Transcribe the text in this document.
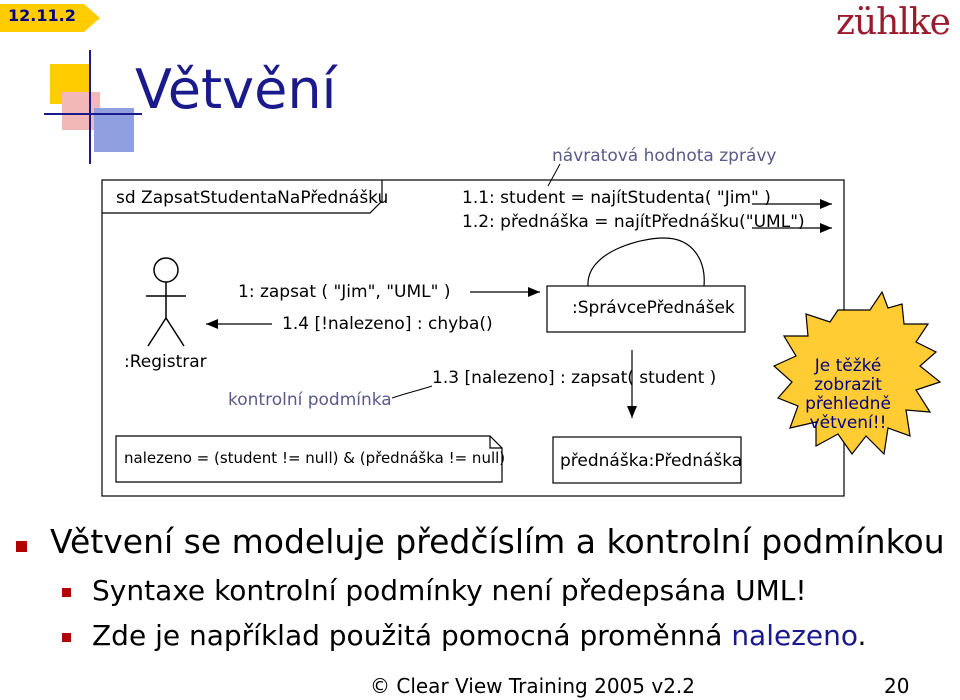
12.11.2	zühlke
Větvění
návratová hodnota zprávy
sd ZapsatStudentaNaPřednášku	1.1: student = najítStudenta( "Jim" )
1.2: přednáška = najítPřednášku("UML")
1: zapsat ( "Jim", "UML" )
1.4 [!nalezeno] : chyba()
:Registrar
1.3 [nalezeno] : zapsat( student )
kontrolní podmínka
:SprávcePřednášek
přednáška:Přednáška
nalezeno = (student != null) & (přednáška != null)
Je těžké
zobrazit
přehledně
větvení!!
Větvení se modeluje předčíslím a kontrolní podmínkou
Syntaxe kontrolní podmínky není předepsána UML!
Zde je například použitá pomocná proměnná nalezeno.
© Clear View Training 2005 v2.2	20
